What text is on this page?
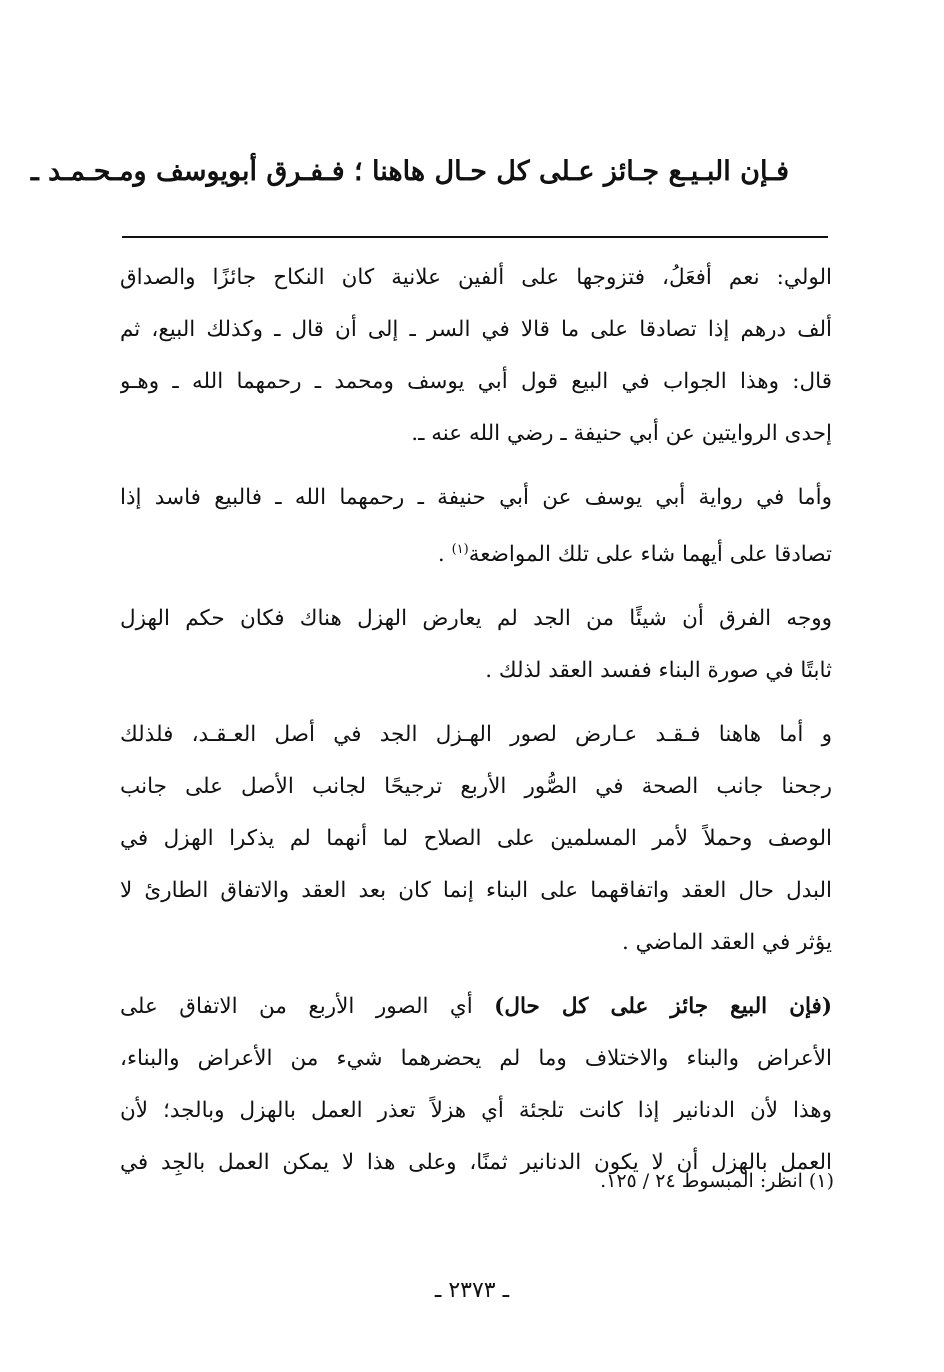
فـإن البـيـع جـائز عـلى كل حـال هاهنا ؛ فـفـرق أبويوسف ومـحـمـد ـ
الولي: نعم أفعَلُ، فتزوجها على ألفين علانية كان النكاح جائزًا والصداق
ألف درهم إذا تصادقا على ما قالا في السر ـ إلى أن قال ـ وكذلك البيع، ثم
قال: وهذا الجواب في البيع قول أبي يوسف ومحمد ـ رحمهما الله ـ وهـو
إحدى الروايتين عن أبي حنيفة ـ رضي الله عنه ـ.
وأما في رواية أبي يوسف عن أبي حنيفة ـ رحمهما الله ـ فالبيع فاسد إذا
تصادقا على أيهما شاء على تلك المواضعة$^{(١)}$ .
ووجه الفرق أن شيئًا من الجد لم يعارض الهزل هناك فكان حكم الهزل
ثابتًا في صورة البناء ففسد العقد لذلك .
و أما هاهنا فـقـد عـارض لصور الهـزل الجد في أصل العـقـد، فلذلك
رجحنا جانب الصحة في الصُّور الأربع ترجيحًا لجانب الأصل على جانب
الوصف وحملاً لأمر المسلمين على الصلاح لما أنهما لم يذكرا الهزل في
البدل حال العقد واتفاقهما على البناء إنما كان بعد العقد والاتفاق الطارئ لا
يؤثر في العقد الماضي .
(فإن البيع جائز على كل حال) أي الصور الأربع من الاتفاق على
الأعراض والبناء والاختلاف وما لم يحضرهما شيء من الأعراض والبناء،
وهذا لأن الدنانير إذا كانت تلجئة أي هزلاً تعذر العمل بالهزل وبالجد؛ لأن
العمل بالهزل أن لا يكون الدنانير ثمنًا، وعلى هذا لا يمكن العمل بالجِد في
(١) انظر: المبسوط ٢٤ / ١٢٥.
ـ ٢٣٧٣ ـ
